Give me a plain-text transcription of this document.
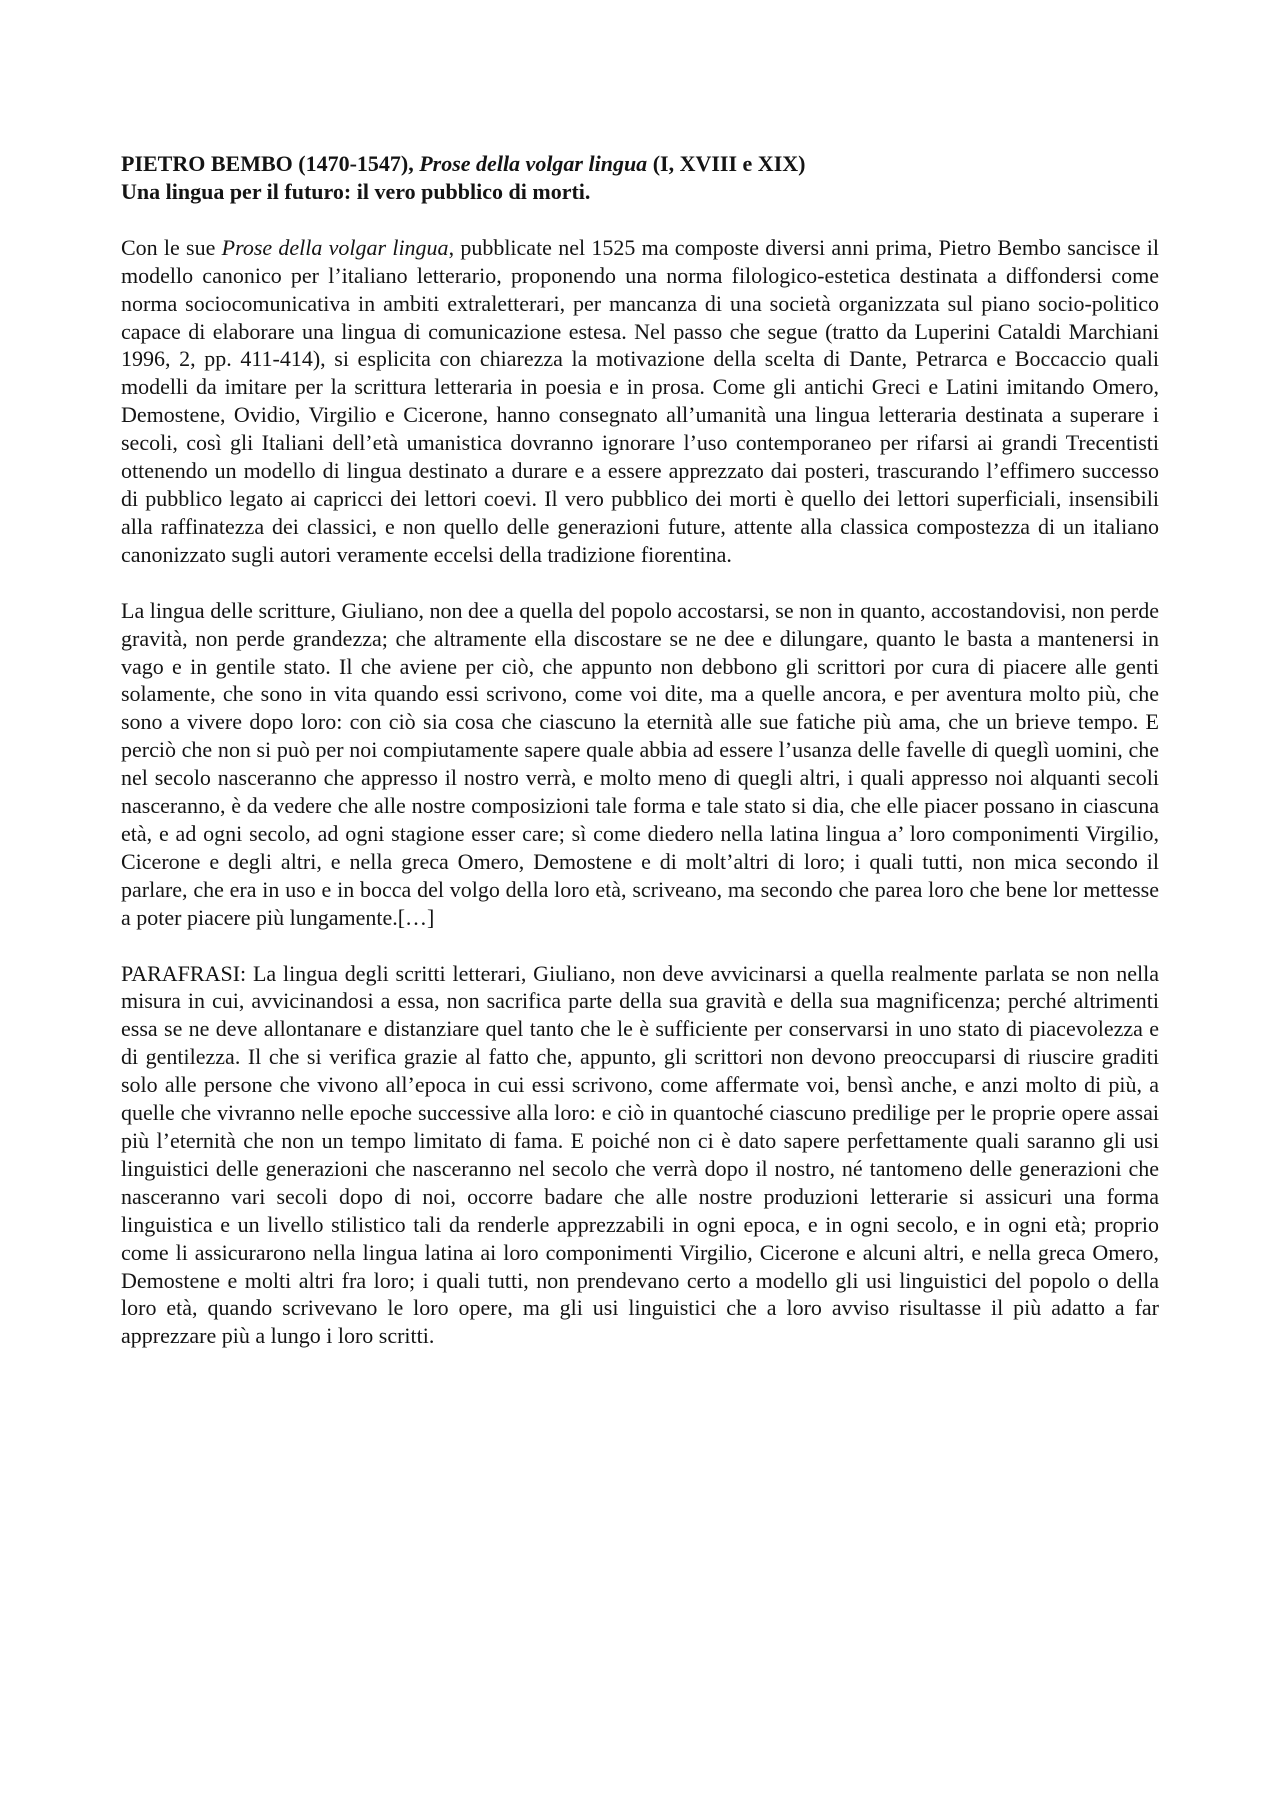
PIETRO BEMBO (1470-1547), Prose della volgar lingua (I, XVIII e XIX)
Una lingua per il futuro: il vero pubblico di morti.

Con le sue Prose della volgar lingua, pubblicate nel 1525 ma composte diversi anni prima, Pietro Bembo sancisce il modello canonico per l’italiano letterario, proponendo una norma filologico-estetica destinata a diffondersi come norma sociocomunicativa in ambiti extraletterari, per mancanza di una società organizzata sul piano socio-politico capace di elaborare una lingua di comunicazione estesa. Nel passo che segue (tratto da Luperini Cataldi Marchiani 1996, 2, pp. 411-414), si esplicita con chiarezza la motivazione della scelta di Dante, Petrarca e Boccaccio quali modelli da imitare per la scrittura letteraria in poesia e in prosa. Come gli antichi Greci e Latini imitando Omero, Demostene, Ovidio, Virgilio e Cicerone, hanno consegnato all’umanità una lingua letteraria destinata a superare i secoli, così gli Italiani dell’età umanistica dovranno ignorare l’uso contemporaneo per rifarsi ai grandi Trecentisti ottenendo un modello di lingua destinato a durare e a essere apprezzato dai posteri, trascurando l’effimero successo di pubblico legato ai capricci dei lettori coevi. Il vero pubblico dei morti è quello dei lettori superficiali, insensibili alla raffinatezza dei classici, e non quello delle generazioni future, attente alla classica compostezza di un italiano canonizzato sugli autori veramente eccelsi della tradizione fiorentina.

La lingua delle scritture, Giuliano, non dee a quella del popolo accostarsi, se non in quanto, accostandovisi, non perde gravità, non perde grandezza; che altramente ella discostare se ne dee e dilungare, quanto le basta a mantenersi in vago e in gentile stato. Il che aviene per ciò, che appunto non debbono gli scrittori por cura di piacere alle genti solamente, che sono in vita quando essi scrivono, come voi dite, ma a quelle ancora, e per aventura molto più, che sono a vivere dopo loro: con ciò sia cosa che ciascuno la eternità alle sue fatiche più ama, che un brieve tempo. E perciò che non si può per noi compiutamente sapere quale abbia ad essere l’usanza delle favelle di queglì uomini, che nel secolo nasceranno che appresso il nostro verrà, e molto meno di quegli altri, i quali appresso noi alquanti secoli nasceranno, è da vedere che alle nostre composizioni tale forma e tale stato si dia, che elle piacer possano in ciascuna età, e ad ogni secolo, ad ogni stagione esser care; sì come diedero nella latina lingua a’ loro componimenti Virgilio, Cicerone e degli altri, e nella greca Omero, Demostene e di molt’altri di loro; i quali tutti, non mica secondo il parlare, che era in uso e in bocca del volgo della loro età, scriveano, ma secondo che parea loro che bene lor mettesse a poter piacere più lungamente.[…]

PARAFRASI: La lingua degli scritti letterari, Giuliano, non deve avvicinarsi a quella realmente parlata se non nella misura in cui, avvicinandosi a essa, non sacrifica parte della sua gravità e della sua magnificenza; perché altrimenti essa se ne deve allontanare e distanziare quel tanto che le è sufficiente per conservarsi in uno stato di piacevolezza e di gentilezza. Il che si verifica grazie al fatto che, appunto, gli scrittori non devono preoccuparsi di riuscire graditi solo alle persone che vivono all’epoca in cui essi scrivono, come affermate voi, bensì anche, e anzi molto di più, a quelle che vivranno nelle epoche successive alla loro: e ciò in quantoché ciascuno predilige per le proprie opere assai più l’eternità che non un tempo limitato di fama. E poiché non ci è dato sapere perfettamente quali saranno gli usi linguistici delle generazioni che nasceranno nel secolo che verrà dopo il nostro, né tantomeno delle generazioni che nasceranno vari secoli dopo di noi, occorre badare che alle nostre produzioni letterarie si assicuri una forma linguistica e un livello stilistico tali da renderle apprezzabili in ogni epoca, e in ogni secolo, e in ogni età; proprio come li assicurarono nella lingua latina ai loro componimenti Virgilio, Cicerone e alcuni altri, e nella greca Omero, Demostene e molti altri fra loro; i quali tutti, non prendevano certo a modello gli usi linguistici del popolo o della loro età, quando scrivevano le loro opere, ma gli usi linguistici che a loro avviso risultasse il più adatto a far apprezzare più a lungo i loro scritti.
